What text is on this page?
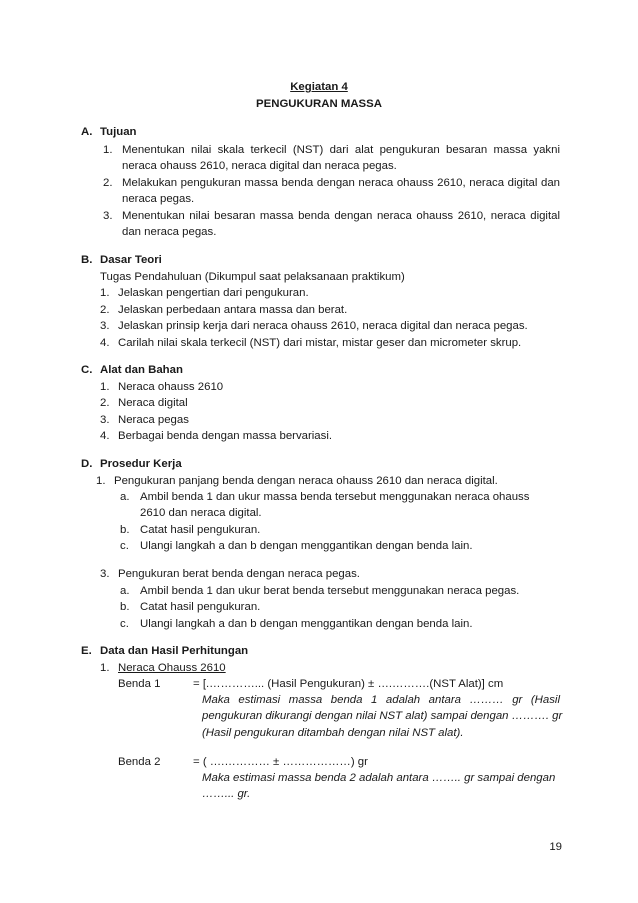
Kegiatan 4
PENGUKURAN MASSA
A. Tujuan
1. Menentukan nilai skala terkecil (NST) dari alat pengukuran besaran massa yakni
neraca ohauss 2610, neraca digital dan neraca pegas.
2. Melakukan pengukuran massa benda dengan neraca ohauss 2610, neraca digital dan
neraca pegas.
3. Menentukan nilai besaran massa benda dengan neraca ohauss 2610, neraca digital
dan neraca pegas.
B. Dasar Teori
Tugas Pendahuluan (Dikumpul saat pelaksanaan praktikum)
1. Jelaskan pengertian dari pengukuran.
2. Jelaskan perbedaan antara massa dan berat.
3. Jelaskan prinsip kerja dari neraca ohauss 2610, neraca digital dan neraca pegas.
4. Carilah nilai skala terkecil (NST) dari mistar, mistar geser dan micrometer skrup.
C. Alat dan Bahan
1. Neraca ohauss 2610
2. Neraca digital
3. Neraca pegas
4. Berbagai benda dengan massa bervariasi.
D. Prosedur Kerja
1. Pengukuran panjang benda dengan neraca ohauss 2610 dan neraca digital.
a. Ambil benda 1 dan ukur massa benda tersebut menggunakan neraca ohauss
2610 dan neraca digital.
b. Catat hasil pengukuran.
c. Ulangi langkah a dan b dengan menggantikan dengan benda lain.
3. Pengukuran berat benda dengan neraca pegas.
a. Ambil benda 1 dan ukur berat benda tersebut menggunakan neraca pegas.
b. Catat hasil pengukuran.
c. Ulangi langkah a dan b dengan menggantikan dengan benda lain.
E. Data dan Hasil Perhitungan
1. Neraca Ohauss 2610
Benda 1	= [.…………... (Hasil Pengukuran) ± ….……….(NST Alat)] cm
Maka estimasi massa benda 1 adalah antara ……… gr (Hasil
pengukuran dikurangi dengan nilai NST alat) sampai dengan ………. gr
(Hasil pengukuran ditambah dengan nilai NST alat).
Benda 2	= ( ….………… ± ………………) gr
Maka estimasi massa benda 2 adalah antara …….. gr sampai dengan
……... gr.
19
